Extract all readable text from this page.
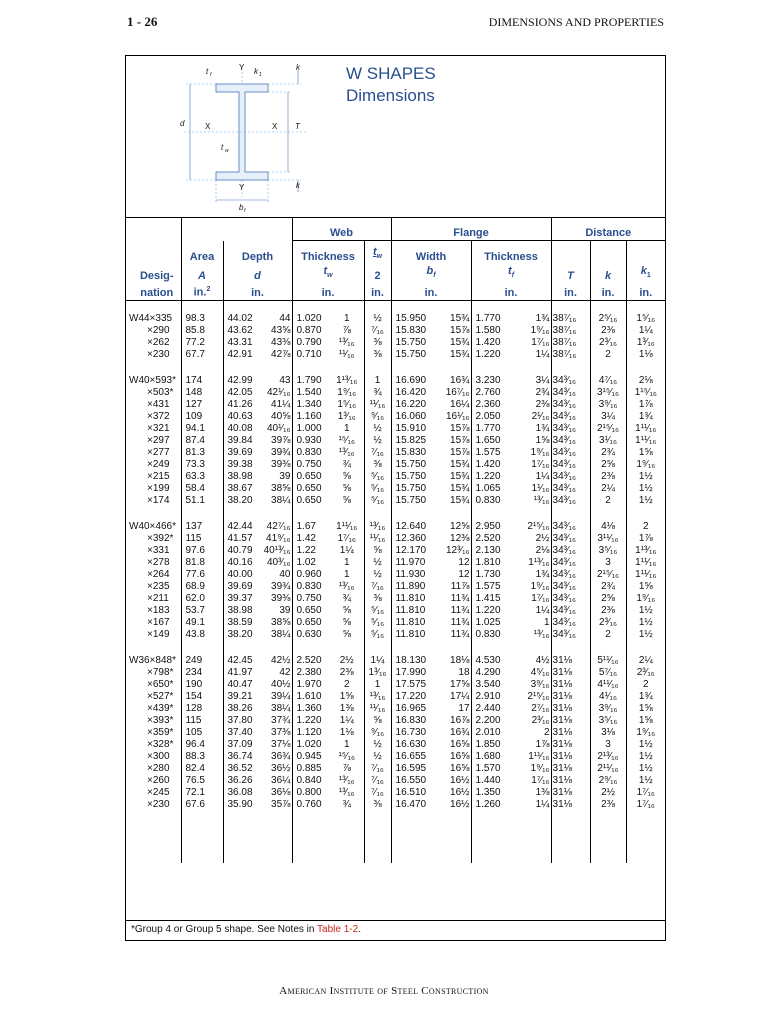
1 - 26	DIMENSIONS AND PROPERTIES
t f
Y k 1
k
d	X	X T
t w
Y	k
b f
W SHAPES
Dimensions
				Web			Flange				Distance		
	Area	Depth		Thickness		$t_w$	Width		Thickness				
Desig-	A	d		$t_w$		2	$b_f$		$t_f$		T	k	$k_1$
nation	in.$^2$	in.		in.		in.	in.		in.		in.	in.	in.

W44×335	98.3	44.02	44	1.020	1	½	15.950	15¾	1.770	1¾	38⁷⁄₁₆	2⁵⁄₁₆	1⁵⁄₁₆
×290	85.8	43.62	43⅝	0.870	⅞	⁷⁄₁₆	15.830	15⅞	1.580	1⁹⁄₁₆	38⁷⁄₁₆	2⅜	1¼
×262	77.2	43.31	43⅜	0.790	¹³⁄₁₆	⅜	15.750	15¾	1.420	1⁷⁄₁₆	38⁷⁄₁₆	2³⁄₁₆	1³⁄₁₆
×230	67.7	42.91	42⅞	0.710	¹¹⁄₁₆	⅜	15.750	15¾	1.220	1¼	38⁷⁄₁₆	2	1⅛

W40×593*	174	42.99	43	1.790	1¹³⁄₁₆	1	16.690	16¾	3.230	3¼	34³⁄₁₆	4⁷⁄₁₆	2⅛
×503*	148	42.05	42¹⁄₁₆	1.540	1⁹⁄₁₆	¾	16.420	16⁷⁄₁₆	2.760	2¾	34³⁄₁₆	3¹⁵⁄₁₆	1¹⁵⁄₁₆
×431	127	41.26	41¼	1.340	1⁵⁄₁₆	¹¹⁄₁₆	16.220	16¼	2.360	2⅜	34³⁄₁₆	3⁹⁄₁₆	1⅞
×372	109	40.63	40⅝	1.160	1³⁄₁₆	⁹⁄₁₆	16.060	16¹⁄₁₆	2.050	2¹⁄₁₆	34³⁄₁₆	3¼	1¾
×321	94.1	40.08	40¹⁄₁₆	1.000	1	½	15.910	15⅞	1.770	1¾	34³⁄₁₆	2¹⁵⁄₁₆	1¹¹⁄₁₆
×297	87.4	39.84	39⅞	0.930	¹⁵⁄₁₆	½	15.825	15⅞	1.650	1⅝	34³⁄₁₆	3¹⁄₁₆	1¹¹⁄₁₆
×277	81.3	39.69	39¾	0.830	¹³⁄₁₆	⁷⁄₁₆	15.830	15⅞	1.575	1⁹⁄₁₆	34³⁄₁₆	2¾	1⅝
×249	73.3	39.38	39⅜	0.750	¾	⅜	15.750	15¾	1.420	1⁷⁄₁₆	34³⁄₁₆	2⅝	1⁹⁄₁₆
×215	63.3	38.98	39	0.650	⅝	⁵⁄₁₆	15.750	15¾	1.220	1¼	34³⁄₁₆	2⅜	1½
×199	58.4	38.67	38⅝	0.650	⅝	⁵⁄₁₆	15.750	15¾	1.065	1¹⁄₁₆	34³⁄₁₆	2¼	1½
×174	51.1	38.20	38¼	0.650	⅝	⁵⁄₁₆	15.750	15¾	0.830	¹³⁄₁₆	34³⁄₁₆	2	1½

W40×466*	137	42.44	42⁷⁄₁₆	1.67	1¹¹⁄₁₆	¹³⁄₁₆	12.640	12⅝	2.950	2¹⁵⁄₁₆	34³⁄₁₆	4⅛	2
×392*	115	41.57	41⁹⁄₁₆	1.42	1⁷⁄₁₆	¹¹⁄₁₆	12.360	12⅜	2.520	2½	34³⁄₁₆	3¹¹⁄₁₆	1⅞
×331	97.6	40.79	40¹³⁄₁₆	1.22	1¼	⅝	12.170	12³⁄₁₆	2.130	2⅛	34³⁄₁₆	3⁵⁄₁₆	1¹³⁄₁₆
×278	81.8	40.16	40³⁄₁₆	1.02	1	½	11.970	12	1.810	1¹³⁄₁₆	34³⁄₁₆	3	1¹¹⁄₁₆
×264	77.6	40.00	40	0.960	1	½	11.930	12	1.730	1¾	34³⁄₁₆	2¹⁵⁄₁₆	1¹¹⁄₁₆
×235	68.9	39.69	39¾	0.830	¹³⁄₁₆	⁷⁄₁₆	11.890	11⅞	1.575	1⁹⁄₁₆	34³⁄₁₆	2¾	1⅝
×211	62.0	39.37	39⅜	0.750	¾	⅜	11.810	11¾	1.415	1⁷⁄₁₆	34³⁄₁₆	2⅝	1⁹⁄₁₆
×183	53.7	38.98	39	0.650	⅝	⁵⁄₁₆	11.810	11¾	1.220	1¼	34³⁄₁₆	2⅜	1½
×167	49.1	38.59	38⅝	0.650	⅝	⁵⁄₁₆	11.810	11¾	1.025	1	34³⁄₁₆	2³⁄₁₆	1½
×149	43.8	38.20	38¼	0.630	⅝	⁵⁄₁₆	11.810	11¾	0.830	¹³⁄₁₆	34³⁄₁₆	2	1½

W36×848*	249	42.45	42½	2.520	2½	1¼	18.130	18⅛	4.530	4½	31⅛	5¹¹⁄₁₆	2¼
×798*	234	41.97	42	2.380	2⅜	1³⁄₁₆	17.990	18	4.290	4⁵⁄₁₆	31⅛	5⁷⁄₁₆	2³⁄₁₆
×650*	190	40.47	40½	1.970	2	1	17.575	17⅝	3.540	3⁹⁄₁₆	31⅛	4¹¹⁄₁₆	2
×527*	154	39.21	39¼	1.610	1⅝	¹³⁄₁₆	17.220	17¼	2.910	2¹⁵⁄₁₆	31⅛	4¹⁄₁₆	1¾
×439*	128	38.26	38¼	1.360	1⅜	¹¹⁄₁₆	16.965	17	2.440	2⁷⁄₁₆	31⅛	3⁹⁄₁₆	1⅝
×393*	115	37.80	37¾	1.220	1¼	⅝	16.830	16⅞	2.200	2³⁄₁₆	31⅛	3⁵⁄₁₆	1⅝
×359*	105	37.40	37⅜	1.120	1⅛	⁹⁄₁₆	16.730	16¾	2.010	2	31⅛	3⅛	1⁹⁄₁₆
×328*	96.4	37.09	37⅛	1.020	1	½	16.630	16⅝	1.850	1⅞	31⅛	3	1½
×300	88.3	36.74	36¾	0.945	¹⁵⁄₁₆	½	16.655	16⅝	1.680	1¹¹⁄₁₆	31⅛	2¹³⁄₁₆	1½
×280	82.4	36.52	36½	0.885	⅞	⁷⁄₁₆	16.595	16⅝	1.570	1⁹⁄₁₆	31⅛	2¹¹⁄₁₆	1½
×260	76.5	36.26	36¼	0.840	¹³⁄₁₆	⁷⁄₁₆	16.550	16½	1.440	1⁷⁄₁₆	31⅛	2⁹⁄₁₆	1½
×245	72.1	36.08	36⅛	0.800	¹³⁄₁₆	⁷⁄₁₆	16.510	16½	1.350	1⅜	31⅛	2½	1⁷⁄₁₆
×230	67.6	35.90	35⅞	0.760	¾	⅜	16.470	16½	1.260	1¼	31⅛	2⅜	1⁷⁄₁₆

*Group 4 or Group 5 shape. See Notes in Table 1-2.
American Institute of Steel Construction
